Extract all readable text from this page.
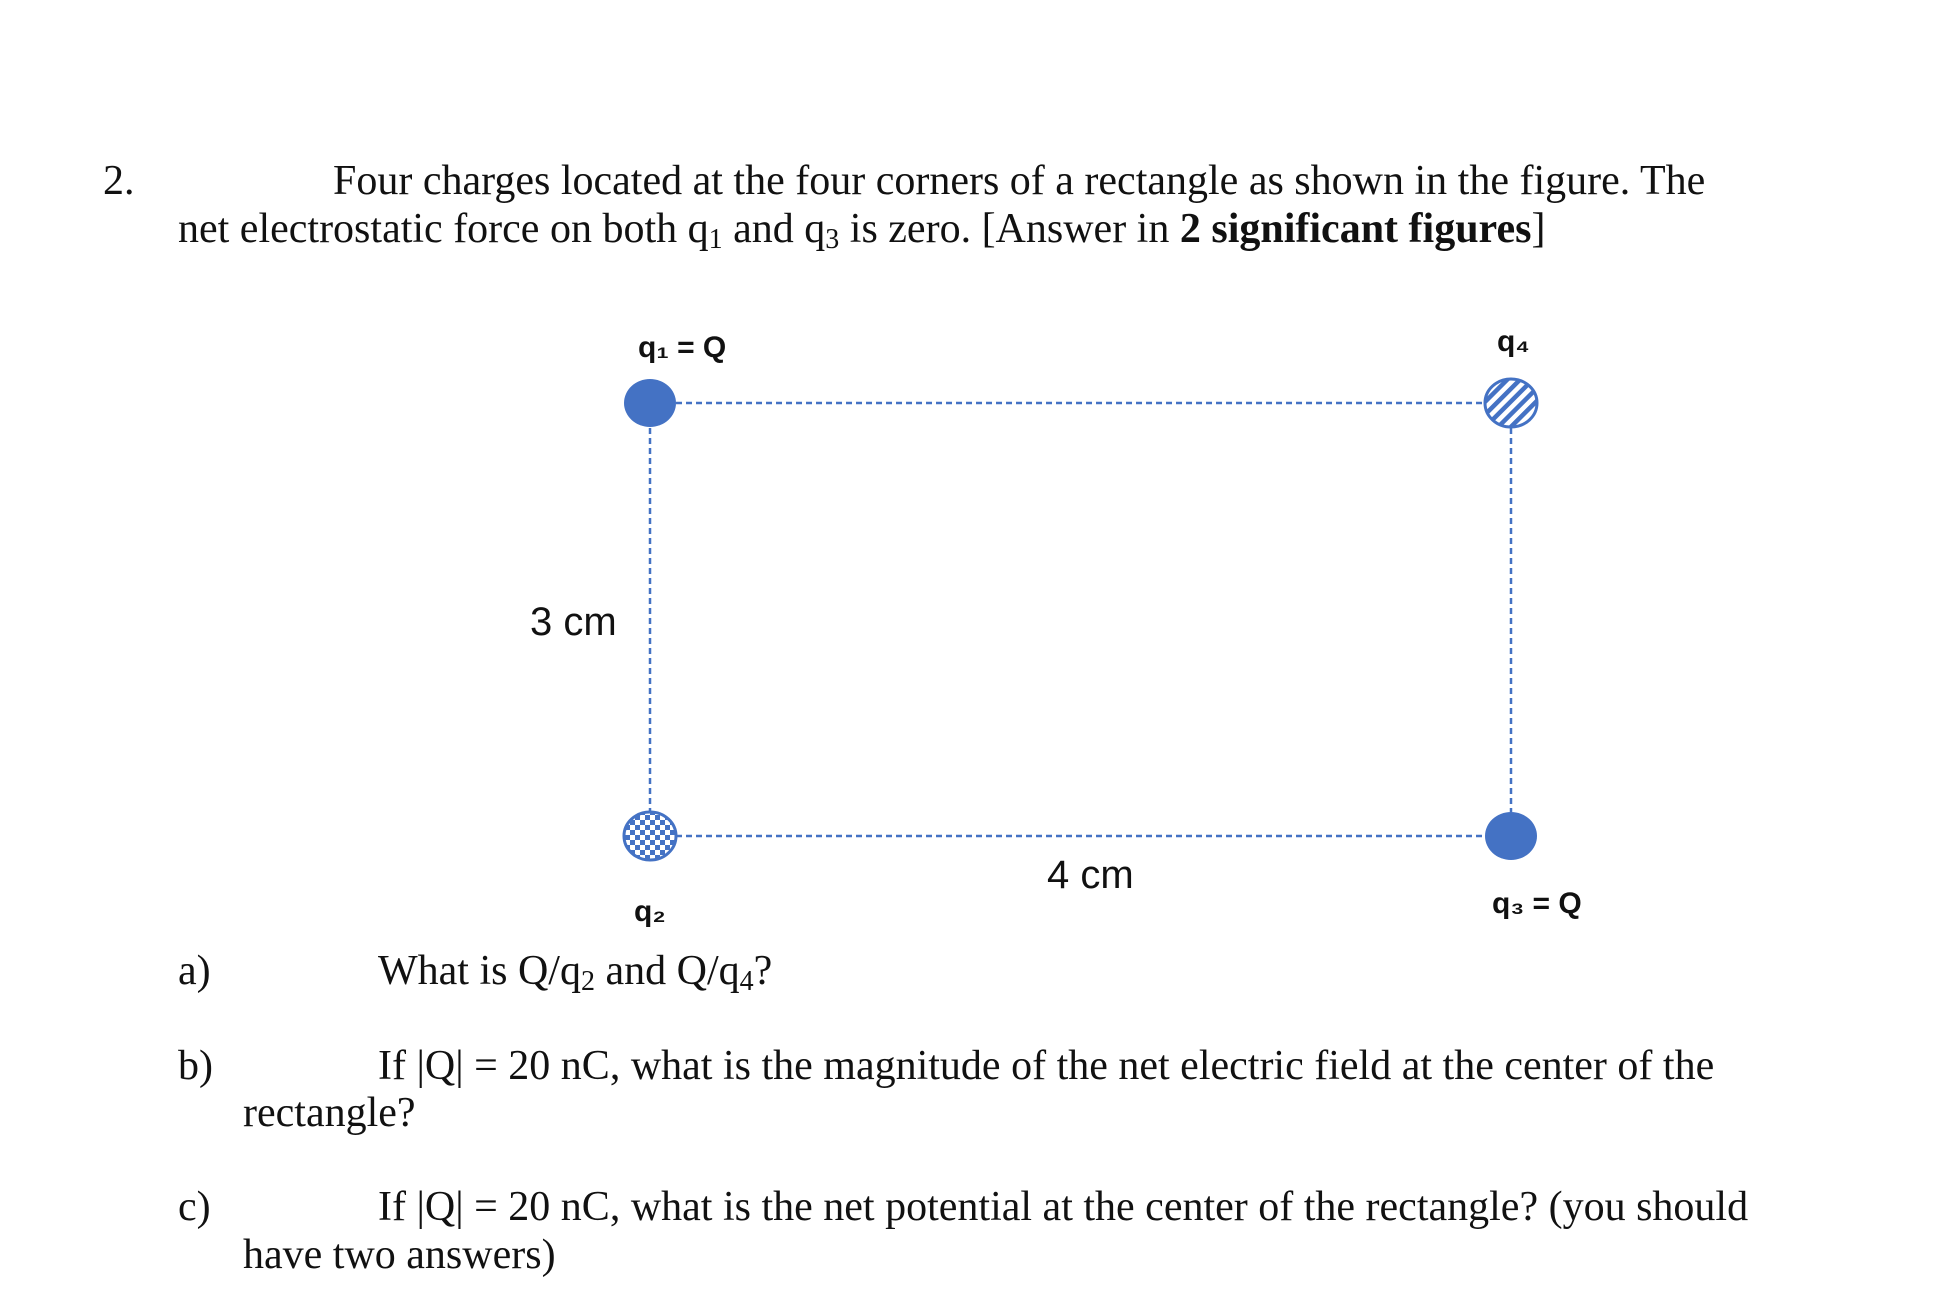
2.	Four charges located at the four corners of a rectangle as shown in the figure. The
net electrostatic force on both $q_1$ and $q_3$ is zero. [Answer in 2 significant figures]
q₁ = Q	q₄
q₂	q₃ = Q
3 cm
4 cm
a)	What is $Q/q_2$ and $Q/q_4$?
b)	If |Q| = 20 nC, what is the magnitude of the net electric field at the center of the
rectangle?
c)	If |Q| = 20 nC, what is the net potential at the center of the rectangle? (you should
have two answers)
